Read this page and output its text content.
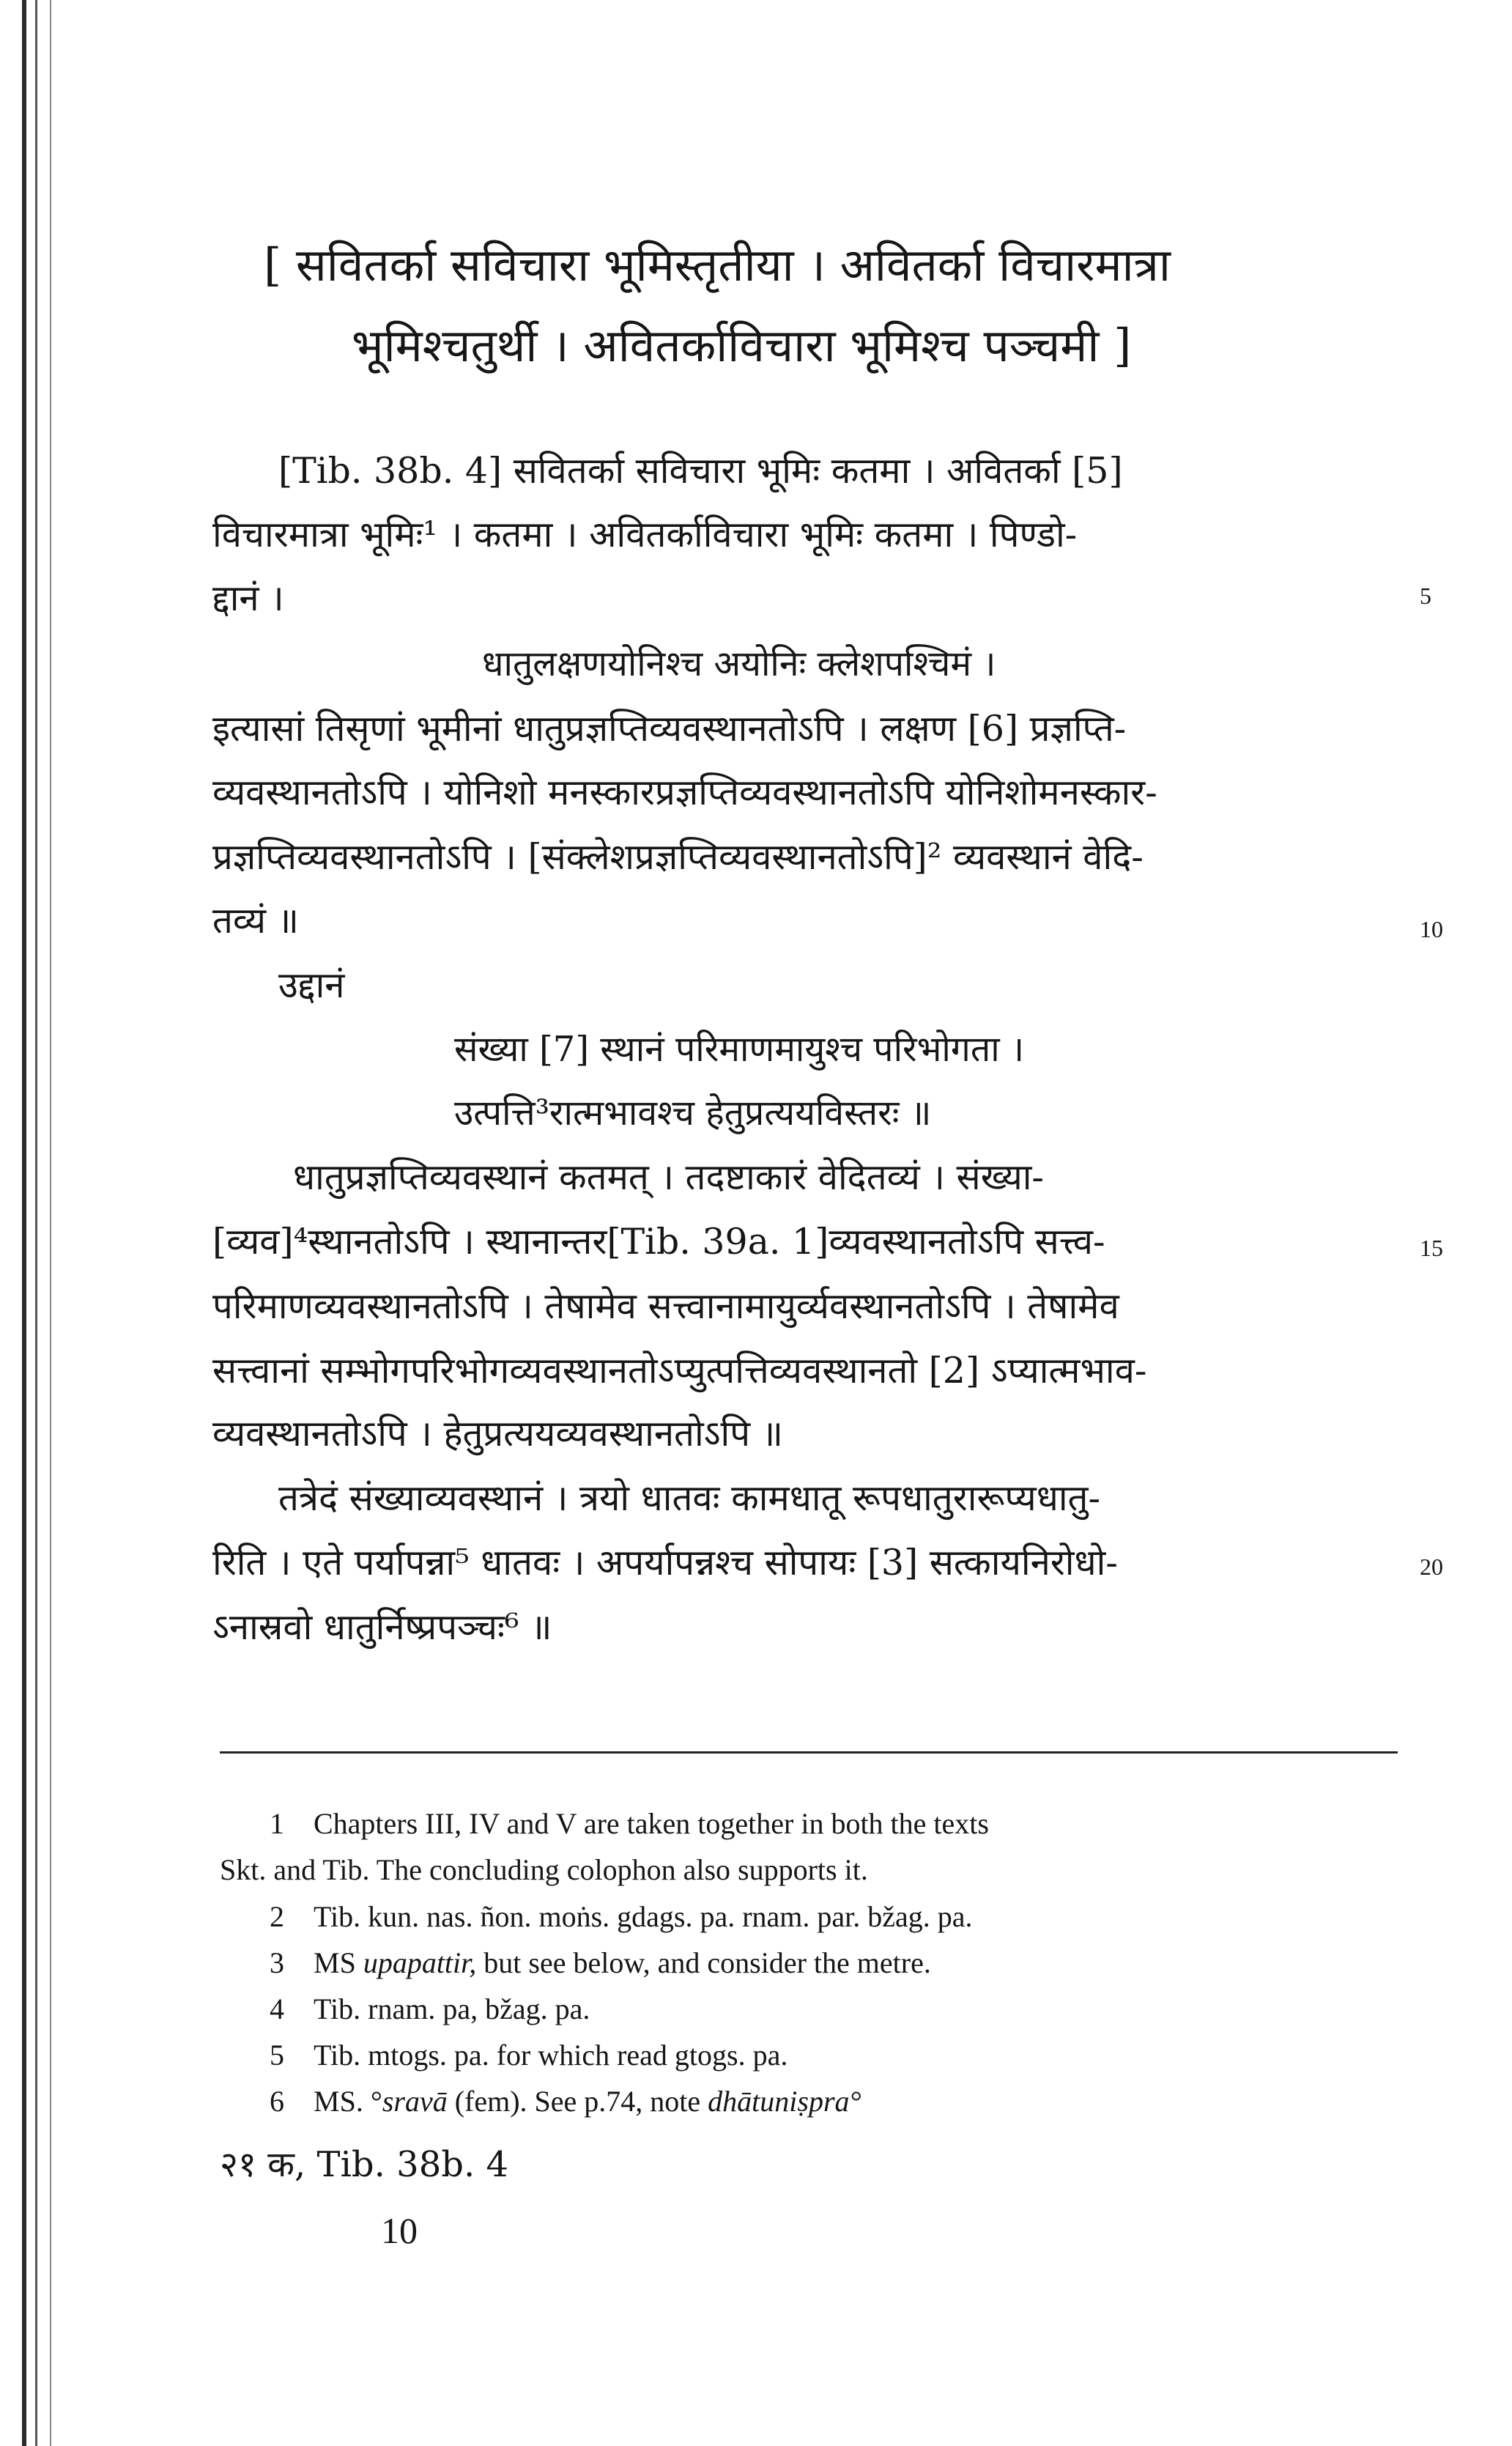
[ सवितर्का सविचारा भूमिस्तृतीया । अवितर्का विचारमात्रा
भूमिश्चतुर्थी । अवितर्काविचारा भूमिश्च पञ्चमी ]
[Tib. 38b. 4] सवितर्का सविचारा भूमिः कतमा । अवितर्का [5]
विचारमात्रा भूमिः¹ । कतमा । अवितर्काविचारा भूमिः कतमा । पिण्डो-
द्दानं ।
धातुलक्षणयोनिश्च अयोनिः क्लेशपश्चिमं ।
इत्यासां तिसृणां भूमीनां धातुप्रज्ञप्तिव्यवस्थानतोऽपि । लक्षण [6] प्रज्ञप्ति-
व्यवस्थानतोऽपि । योनिशो मनस्कारप्रज्ञप्तिव्यवस्थानतोऽपि योनिशोमनस्कार-
प्रज्ञप्तिव्यवस्थानतोऽपि । [संक्लेशप्रज्ञप्तिव्यवस्थानतोऽपि]² व्यवस्थानं वेदि-
तव्यं ॥
उद्दानं
संख्या [7] स्थानं परिमाणमायुश्च परिभोगता ।
उत्पत्ति³रात्मभावश्च हेतुप्रत्ययविस्तरः ॥
धातुप्रज्ञप्तिव्यवस्थानं कतमत् । तदष्टाकारं वेदितव्यं । संख्या-
[व्यव]⁴स्थानतोऽपि । स्थानान्तर[Tib. 39a. 1]व्यवस्थानतोऽपि सत्त्व-
परिमाणव्यवस्थानतोऽपि । तेषामेव सत्त्वानामायुर्व्यवस्थानतोऽपि । तेषामेव
सत्त्वानां सम्भोगपरिभोगव्यवस्थानतोऽप्युत्पत्तिव्यवस्थानतो [2] ऽप्यात्मभाव-
व्यवस्थानतोऽपि । हेतुप्रत्ययव्यवस्थानतोऽपि ॥
तत्रेदं संख्याव्यवस्थानं । त्रयो धातवः कामधातू रूपधातुरारूप्यधातु-
रिति । एते पर्यापन्ना⁵ धातवः । अपर्यापन्नश्च सोपायः [3] सत्कायनिरोधो-
ऽनास्रवो धातुर्निष्प्रपञ्चः⁶ ॥
5
10
15
20
1 Chapters III, IV and V are taken together in both the texts
Skt. and Tib. The concluding colophon also supports it.
2 Tib. kun. nas. ñon. moṅs. gdags. pa. rnam. par. bžag. pa.
3 MS upapattir, but see below, and consider the metre.
4 Tib. rnam. pa, bžag. pa.
5 Tib. mtogs. pa. for which read gtogs. pa.
6 MS. °sravā (fem). See p.74, note dhātuniṣpra°
२१ क, Tib. 38b. 4
10
